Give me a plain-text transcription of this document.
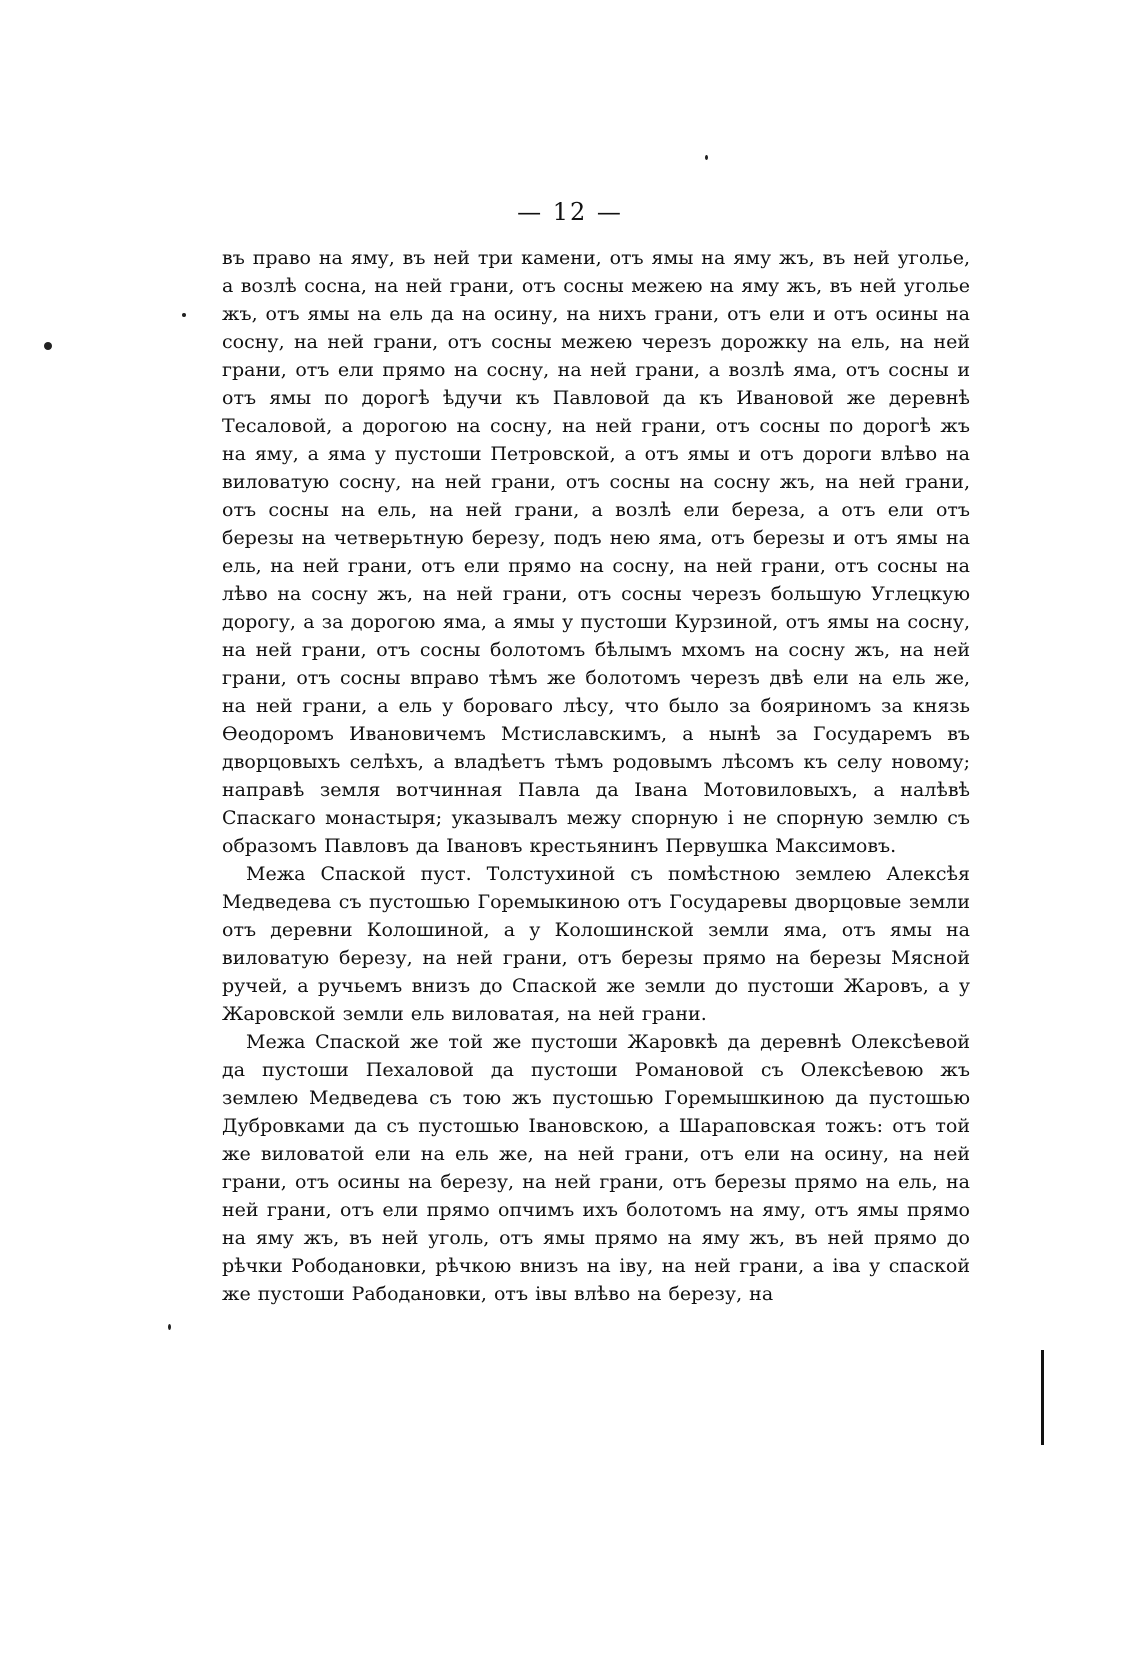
— 12 —

въ право на яму, въ ней три камени, отъ ямы на яму жъ, въ ней уголье, а возлѣ сосна, на ней грани, отъ сосны межею на яму жъ, въ ней уголье жъ, отъ ямы на ель да на осину, на нихъ грани, отъ ели и отъ осины на сосну, на ней грани, отъ сосны межею черезъ дорожку на ель, на ней грани, отъ ели прямо на сосну, на ней грани, а возлѣ яма, отъ сосны и отъ ямы по дорогѣ ѣдучи къ Павловой да къ Ивановой же деревнѣ Тесаловой, а дорогою на сосну, на ней грани, отъ сосны по дорогѣ жъ на яму, а яма у пустоши Петровской, а отъ ямы и отъ дороги влѣво на виловатую сосну, на ней грани, отъ сосны на сосну жъ, на ней грани, отъ сосны на ель, на ней грани, а возлѣ ели береза, а отъ ели отъ березы на четверьтную березу, подъ нею яма, отъ березы и отъ ямы на ель, на ней грани, отъ ели прямо на сосну, на ней грани, отъ сосны на лѣво на сосну жъ, на ней грани, отъ сосны черезъ большую Углецкую дорогу, а за дорогою яма, а ямы у пустоши Курзиной, отъ ямы на сосну, на ней грани, отъ сосны болотомъ бѣлымъ мхомъ на сосну жъ, на ней грани, отъ сосны вправо тѣмъ же болотомъ черезъ двѣ ели на ель же, на ней грани, а ель у боровагo лѣсу, что было за бояриномъ за князь Ѳеодоромъ Ивановичемъ Мстиславскимъ, а нынѣ за Государемъ въ дворцовыхъ селѣхъ, а владѣетъ тѣмъ родовымъ лѣсомъ къ селу новому; направѣ земля вотчинная Павла да Івана Мотовиловыхъ, а налѣвѣ Спаскаго монастыря; указывалъ межу спорную і не спорную землю съ образомъ Павловъ да Івановъ крестьянинъ Первушка Максимовъ.

Межа Спаской пуст. Толстухиной съ помѣстною землею Алексѣя Медведева съ пустошью Горемыкиною отъ Государевы дворцовые земли отъ деревни Колошиной, а у Колошинской земли яма, отъ ямы на виловатую березу, на ней грани, отъ березы прямо на березы Мясной ручей, а ручьемъ внизъ до Спаской же земли до пустоши Жаровъ, а у Жаровской земли ель виловатая, на ней грани.

Межа Спаской же той же пустоши Жаровкѣ да деревнѣ Олексѣевой да пустоши Пехаловой да пустоши Романовой съ Олексѣевою жъ землею Медведева съ тою жъ пустошью Горемышкиною да пустошью Дубровками да съ пустошью Івановскою, а Шараповская тожъ: отъ той же виловатой ели на ель же, на ней грани, отъ ели на осину, на ней грани, отъ осины на березу, на ней грани, отъ березы прямо на ель, на ней грани, отъ ели прямо опчимъ ихъ болотомъ на яму, отъ ямы прямо на яму жъ, въ ней уголь, отъ ямы прямо на яму жъ, въ ней прямо до рѣчки Рободановки, рѣчкою внизъ на іву, на ней грани, а іва у спаской же пустоши Рабоданoвки, отъ івы влѣво на березу, на
